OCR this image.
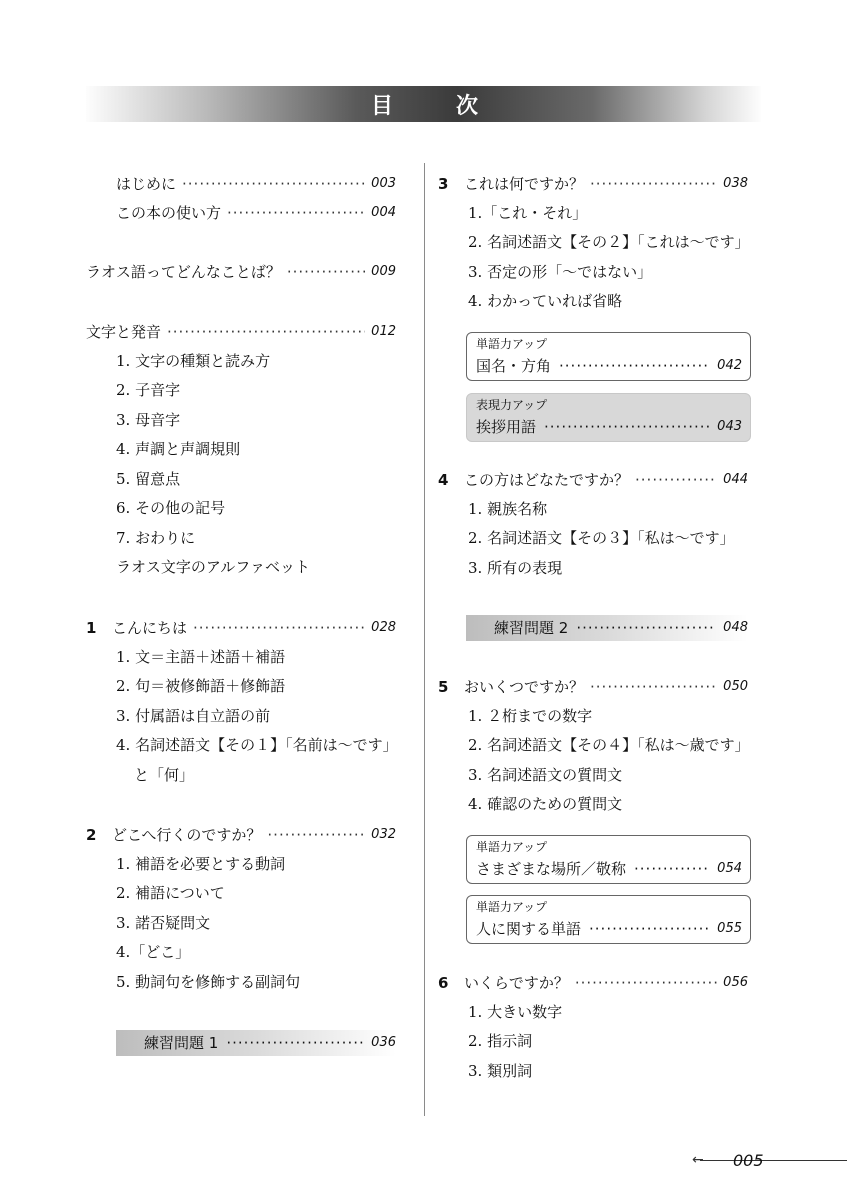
目	次
はじめに ·····	003
この本の使い方 ·····	004
ラオス語ってどんなことば？ ·····	009
文字と発音 ·····	012
1. 文字の種類と読み方
2. 子音字
3. 母音字
4. 声調と声調規則
5. 留意点
6. その他の記号
7. おわりに
ラオス文字のアルファベット
1	こんにちは ·····	028
1. 文＝主語＋述語＋補語
2. 句＝被修飾語＋修飾語
3. 付属語は自立語の前
4. 名詞述語文【その１】「名前は～です」
と「何」
2	どこへ行くのですか？ ·····	032
1. 補語を必要とする動詞
2. 補語について
3. 諾否疑問文
4.「どこ」
5. 動詞句を修飾する副詞句
練習問題 1 ·····	036
3	これは何ですか？ ·····	038
1.「これ・それ」
2. 名詞述語文【その２】「これは～です」
3. 否定の形「～ではない」
4. わかっていれば省略
単語力アップ
国名・方角 ·····	042
表現力アップ
挨拶用語 ·····	043
4	この方はどなたですか？ ·····	044
1. 親族名称
2. 名詞述語文【その３】「私は～です」
3. 所有の表現
練習問題 2 ·····	048
5	おいくつですか？ ·····	050
1. ２桁までの数字
2. 名詞述語文【その４】「私は～歳です」
3. 名詞述語文の質問文
4. 確認のための質問文
単語力アップ
さまざまな場所／敬称 ·····	054
単語力アップ
人に関する単語 ·····	055
6	いくらですか？ ·····	056
1. 大きい数字
2. 指示詞
3. 類別詞
← 005
